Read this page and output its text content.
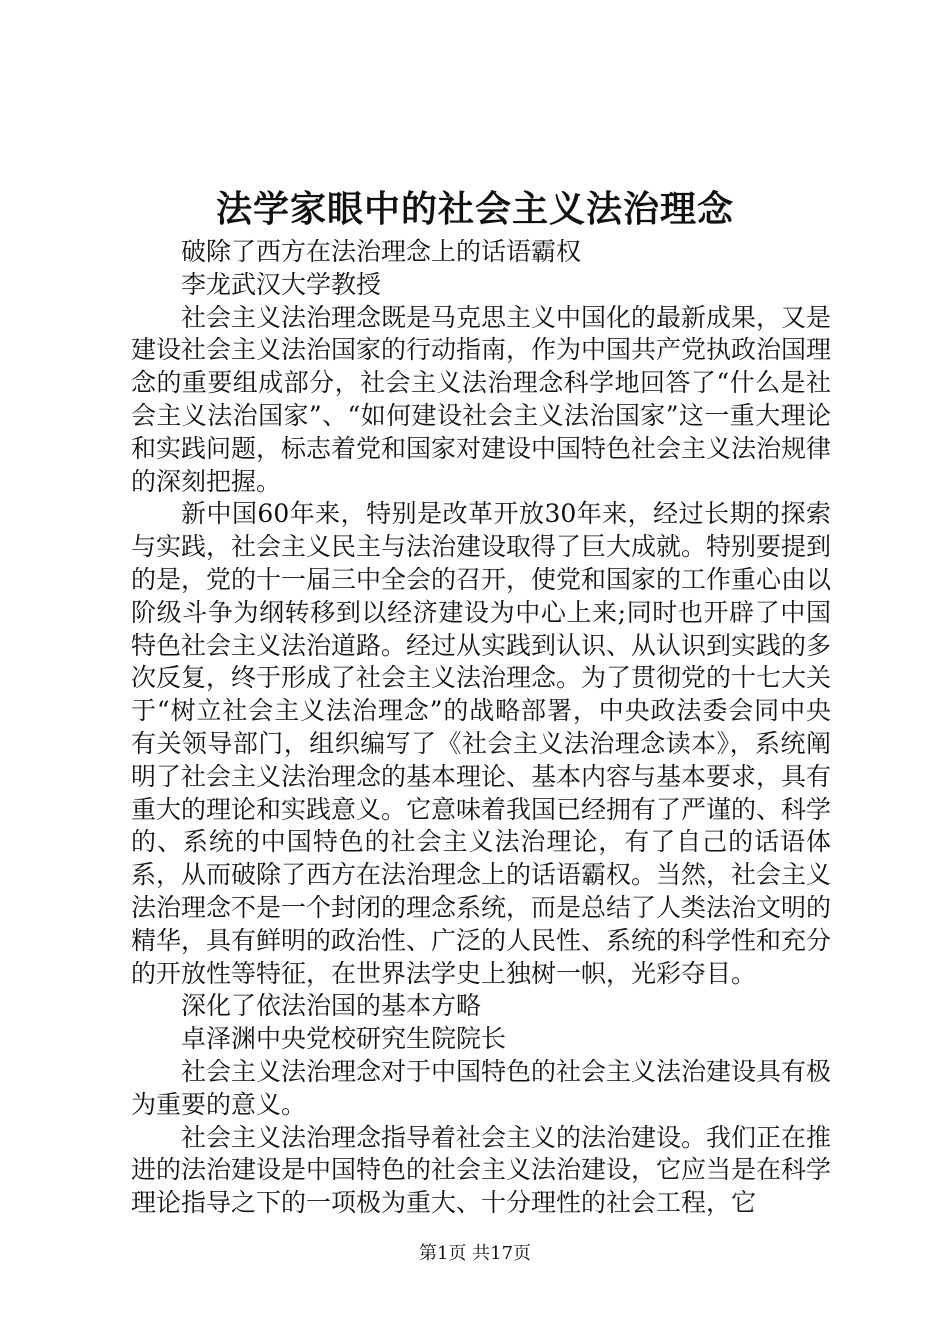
法学家眼中的社会主义法治理念

破除了西方在法治理念上的话语霸权

李龙武汉大学教授

社会主义法治理念既是马克思主义中国化的最新成果，又是建设社会主义法治国家的行动指南，作为中国共产党执政治国理念的重要组成部分，社会主义法治理念科学地回答了“什么是社会主义法治国家”、“如何建设社会主义法治国家”这一重大理论和实践问题，标志着党和国家对建设中国特色社会主义法治规律的深刻把握。

新中国60年来，特别是改革开放30年来，经过长期的探索与实践，社会主义民主与法治建设取得了巨大成就。特别要提到的是，党的十一届三中全会的召开，使党和国家的工作重心由以阶级斗争为纲转移到以经济建设为中心上来;同时也开辟了中国特色社会主义法治道路。经过从实践到认识、从认识到实践的多次反复，终于形成了社会主义法治理念。为了贯彻党的十七大关于“树立社会主义法治理念”的战略部署，中央政法委会同中央有关领导部门，组织编写了《社会主义法治理念读本》，系统阐明了社会主义法治理念的基本理论、基本内容与基本要求，具有重大的理论和实践意义。它意味着我国已经拥有了严谨的、科学的、系统的中国特色的社会主义法治理论，有了自己的话语体系，从而破除了西方在法治理念上的话语霸权。当然，社会主义法治理念不是一个封闭的理念系统，而是总结了人类法治文明的精华，具有鲜明的政治性、广泛的人民性、系统的科学性和充分的开放性等特征，在世界法学史上独树一帜，光彩夺目。

深化了依法治国的基本方略

卓泽渊中央党校研究生院院长

社会主义法治理念对于中国特色的社会主义法治建设具有极为重要的意义。

社会主义法治理念指导着社会主义的法治建设。我们正在推进的法治建设是中国特色的社会主义法治建设，它应当是在科学理论指导之下的一项极为重大、十分理性的社会工程，它

第1页 共17页
